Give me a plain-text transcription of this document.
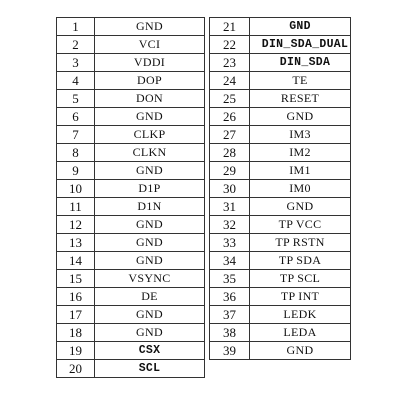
1	GND
2	VCI
3	VDDI
4	DOP
5	DON
6	GND
7	CLKP
8	CLKN
9	GND
10	D1P
11	D1N
12	GND
13	GND
14	GND
15	VSYNC
16	DE
17	GND
18	GND
19	CSX
20	SCL
21	GND
22	DIN_SDA_DUAL
23	DIN_SDA
24	TE
25	RESET
26	GND
27	IM3
28	IM2
29	IM1
30	IM0
31	GND
32	TP VCC
33	TP RSTN
34	TP SDA
35	TP SCL
36	TP INT
37	LEDK
38	LEDA
39	GND
